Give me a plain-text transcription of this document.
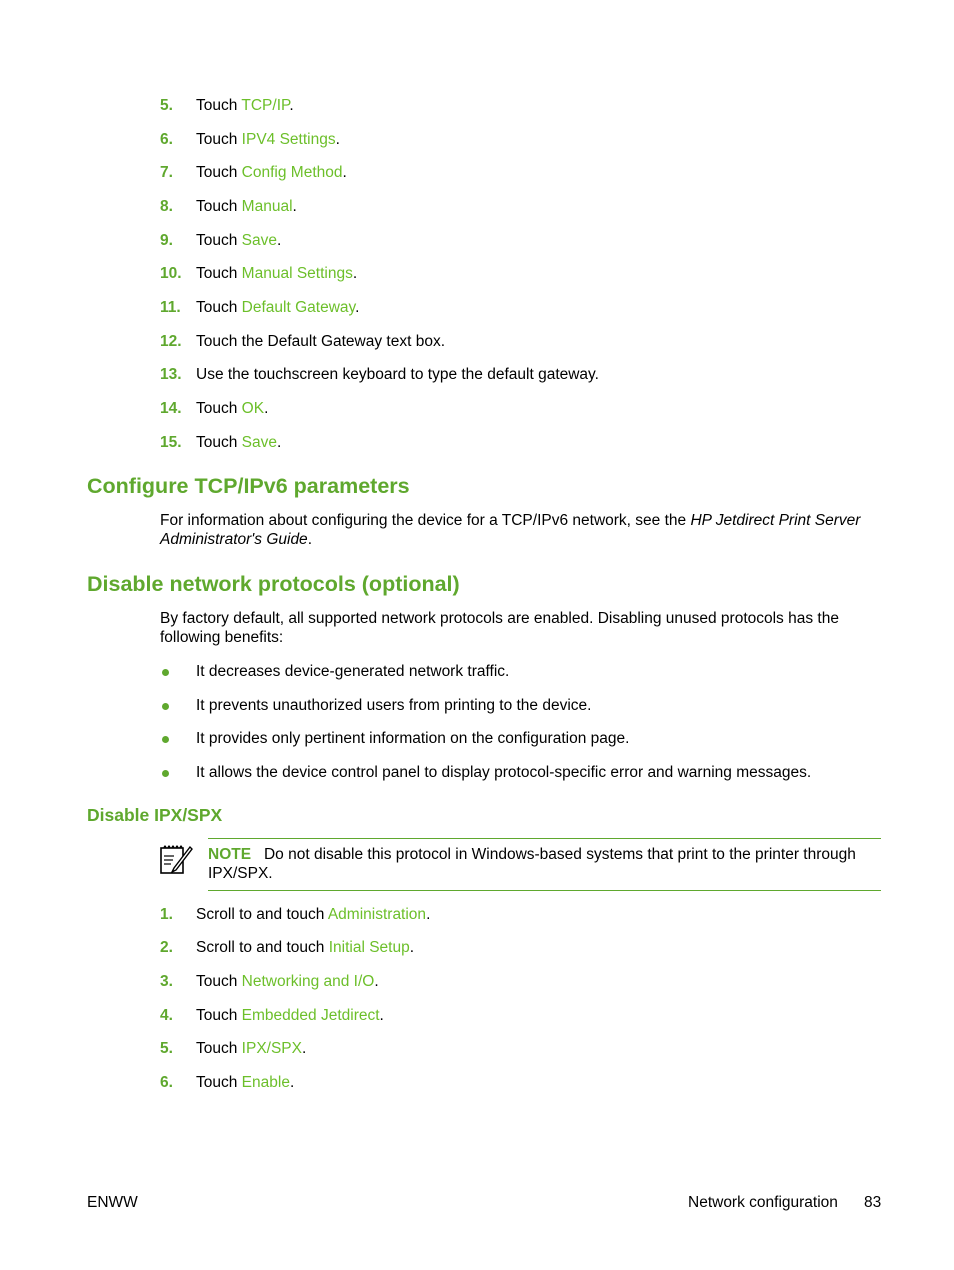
5. Touch TCP/IP.
6. Touch IPV4 Settings.
7. Touch Config Method.
8. Touch Manual.
9. Touch Save.
10. Touch Manual Settings.
11. Touch Default Gateway.
12. Touch the Default Gateway text box.
13. Use the touchscreen keyboard to type the default gateway.
14. Touch OK.
15. Touch Save.
Configure TCP/IPv6 parameters
For information about configuring the device for a TCP/IPv6 network, see the HP Jetdirect Print Server
Administrator's Guide.
Disable network protocols (optional)
By factory default, all supported network protocols are enabled. Disabling unused protocols has the
following benefits:
It decreases device-generated network traffic.
It prevents unauthorized users from printing to the device.
It provides only pertinent information on the configuration page.
It allows the device control panel to display protocol-specific error and warning messages.
Disable IPX/SPX
NOTE Do not disable this protocol in Windows-based systems that print to the printer through
IPX/SPX.
1. Scroll to and touch Administration.
2. Scroll to and touch Initial Setup.
3. Touch Networking and I/O.
4. Touch Embedded Jetdirect.
5. Touch IPX/SPX.
6. Touch Enable.
ENWW	Network configuration 83
